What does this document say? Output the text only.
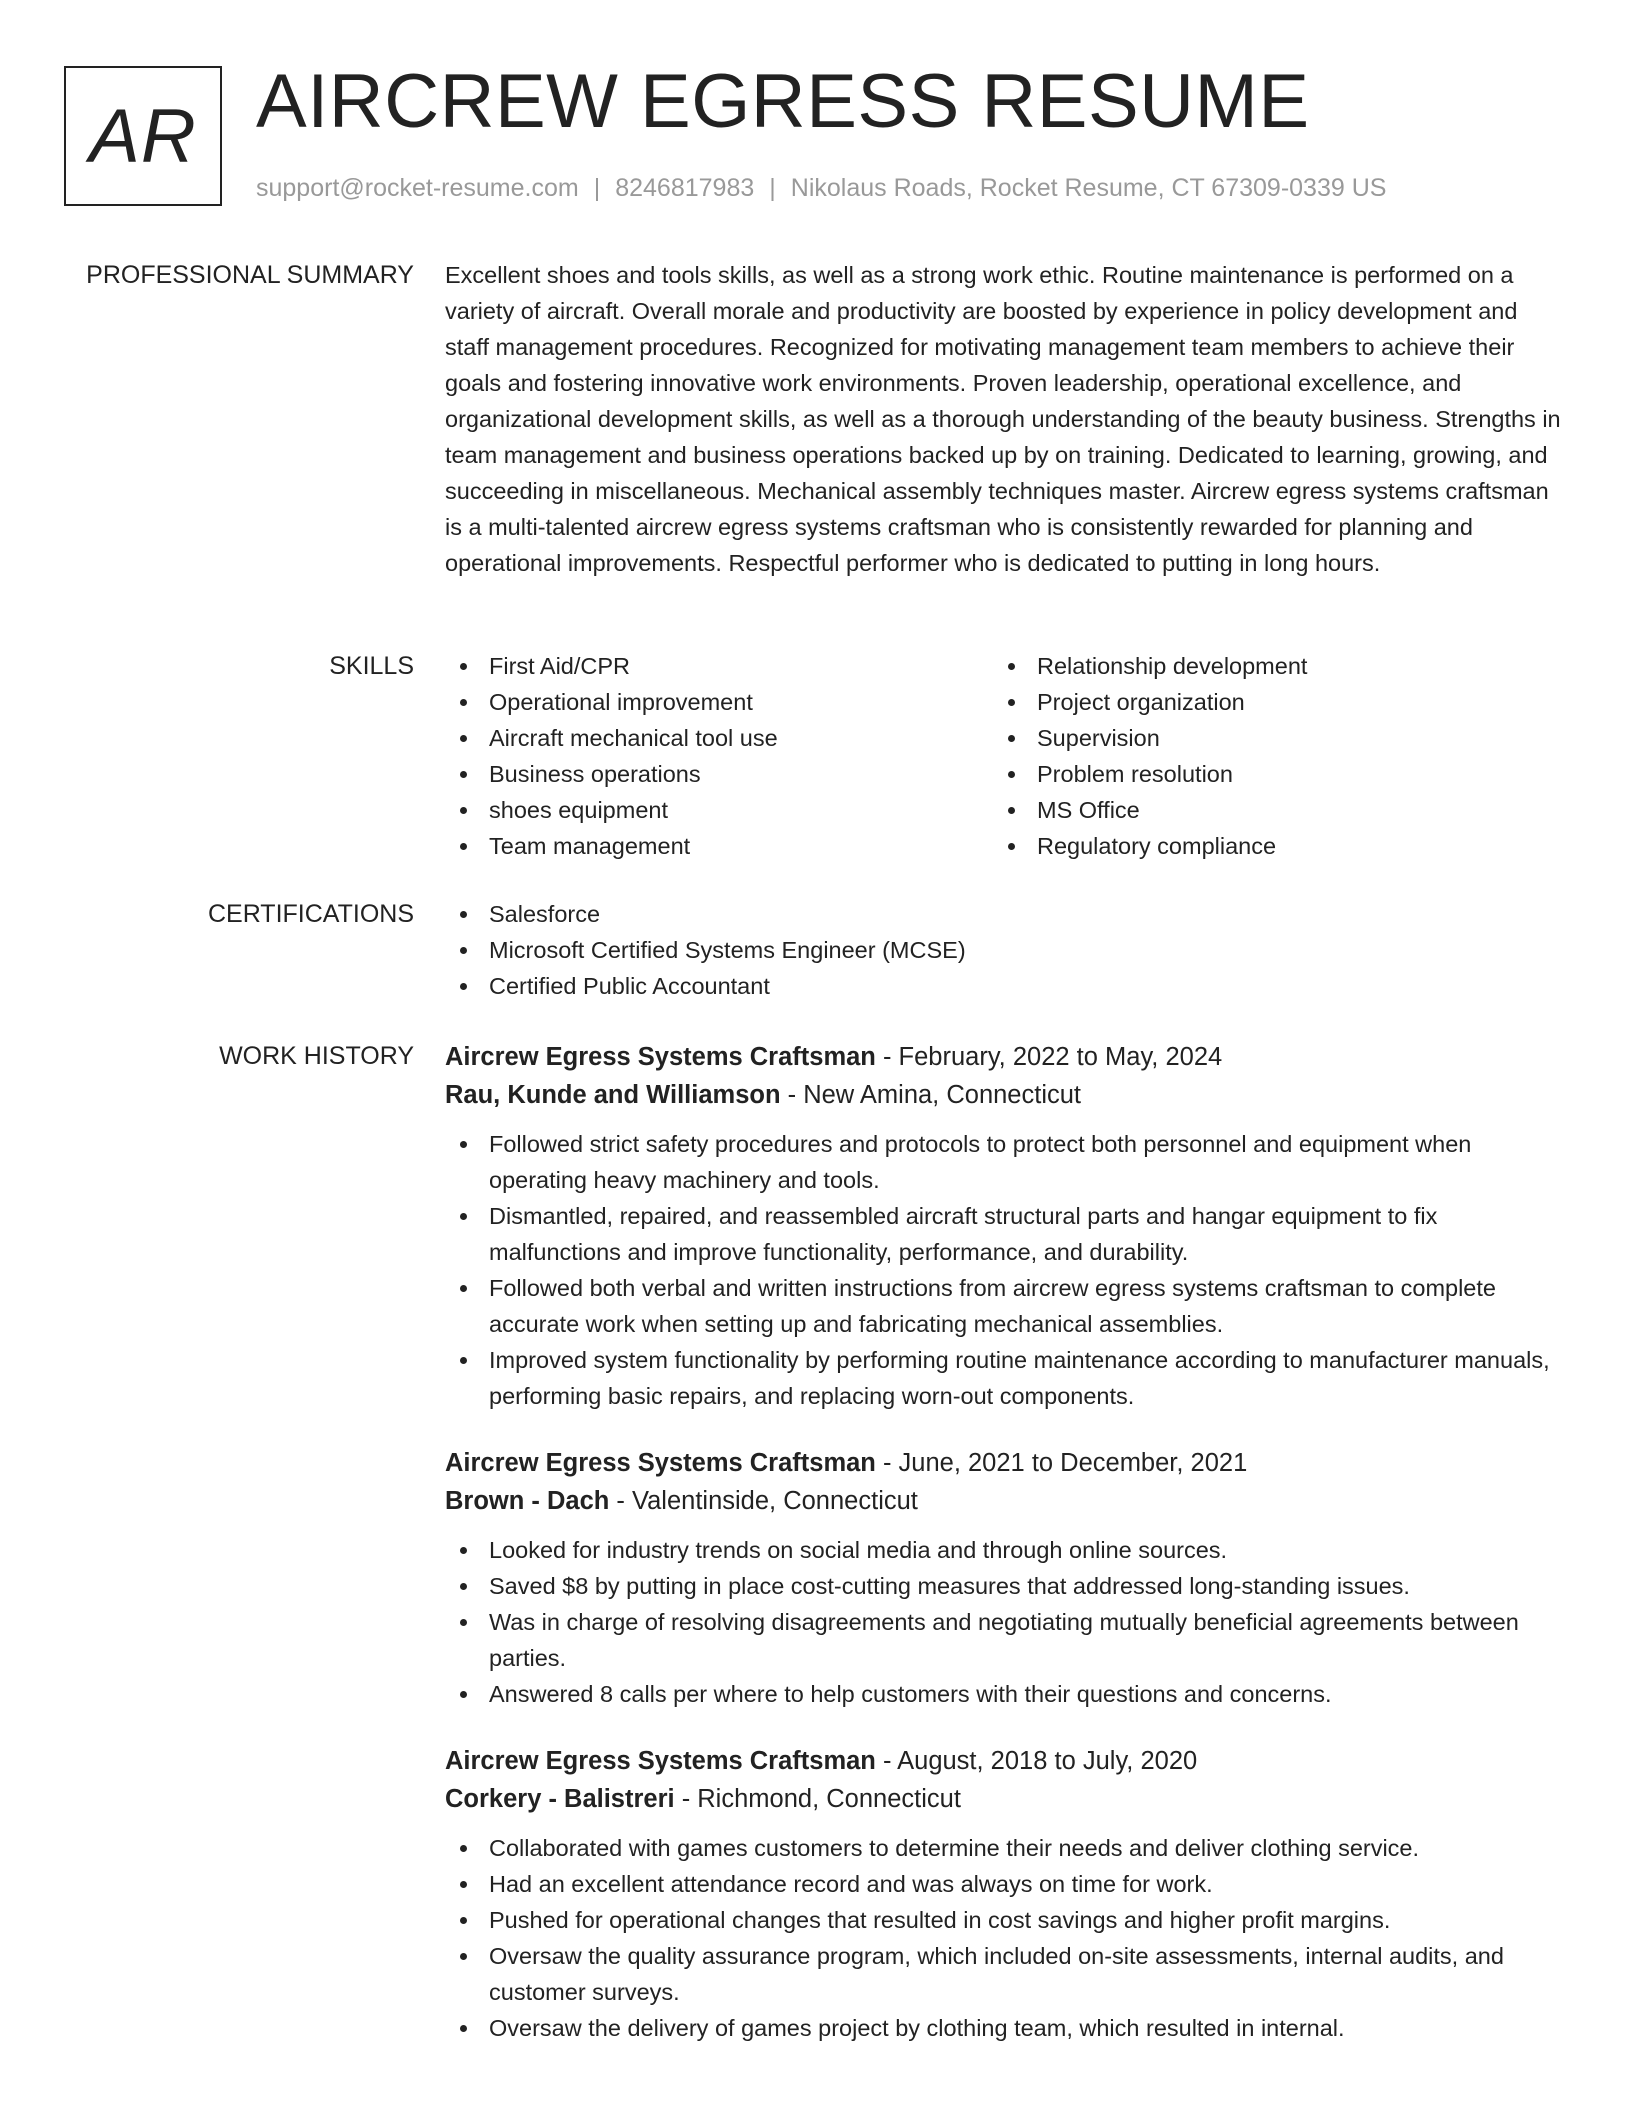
AR AIRCREW EGRESS RESUME
support@rocket-resume.com | 8246817983 | Nikolaus Roads, Rocket Resume, CT 67309-0339 US
PROFESSIONAL SUMMARY Excellent shoes and tools skills, as well as a strong work ethic. Routine maintenance is performed on a variety of aircraft. Overall morale and productivity are boosted by experience in policy development and staff management procedures. Recognized for motivating management team members to achieve their goals and fostering innovative work environments. Proven leadership, operational excellence, and organizational development skills, as well as a thorough understanding of the beauty business. Strengths in team management and business operations backed up by on training. Dedicated to learning, growing, and succeeding in miscellaneous. Mechanical assembly techniques master. Aircrew egress systems craftsman is a multi-talented aircrew egress systems craftsman who is consistently rewarded for planning and operational improvements. Respectful performer who is dedicated to putting in long hours.

SKILLS	First Aid/CPR
Operational improvement
Aircraft mechanical tool use
Business operations
shoes equipment
Team management
Relationship development
Project organization
Supervision
Problem resolution
MS Office
Regulatory compliance
CERTIFICATIONS	Salesforce
Microsoft Certified Systems Engineer (MCSE)
Certified Public Accountant
WORK HISTORY Aircrew Egress Systems Craftsman - February, 2022 to May, 2024
Rau, Kunde and Williamson - New Amina, Connecticut
Followed strict safety procedures and protocols to protect both personnel and equipment when operating heavy machinery and tools.
Dismantled, repaired, and reassembled aircraft structural parts and hangar equipment to fix malfunctions and improve functionality, performance, and durability.
Followed both verbal and written instructions from aircrew egress systems craftsman to complete accurate work when setting up and fabricating mechanical assemblies.
Improved system functionality by performing routine maintenance according to manufacturer manuals, performing basic repairs, and replacing worn-out components.
Aircrew Egress Systems Craftsman - June, 2021 to December, 2021
Brown - Dach - Valentinside, Connecticut
Looked for industry trends on social media and through online sources.
Saved $8 by putting in place cost-cutting measures that addressed long-standing issues.
Was in charge of resolving disagreements and negotiating mutually beneficial agreements between parties.
Answered 8 calls per where to help customers with their questions and concerns.
Aircrew Egress Systems Craftsman - August, 2018 to July, 2020
Corkery - Balistreri - Richmond, Connecticut
Collaborated with games customers to determine their needs and deliver clothing service.
Had an excellent attendance record and was always on time for work.
Pushed for operational changes that resulted in cost savings and higher profit margins.
Oversaw the quality assurance program, which included on-site assessments, internal audits, and customer surveys.
Oversaw the delivery of games project by clothing team, which resulted in internal.
